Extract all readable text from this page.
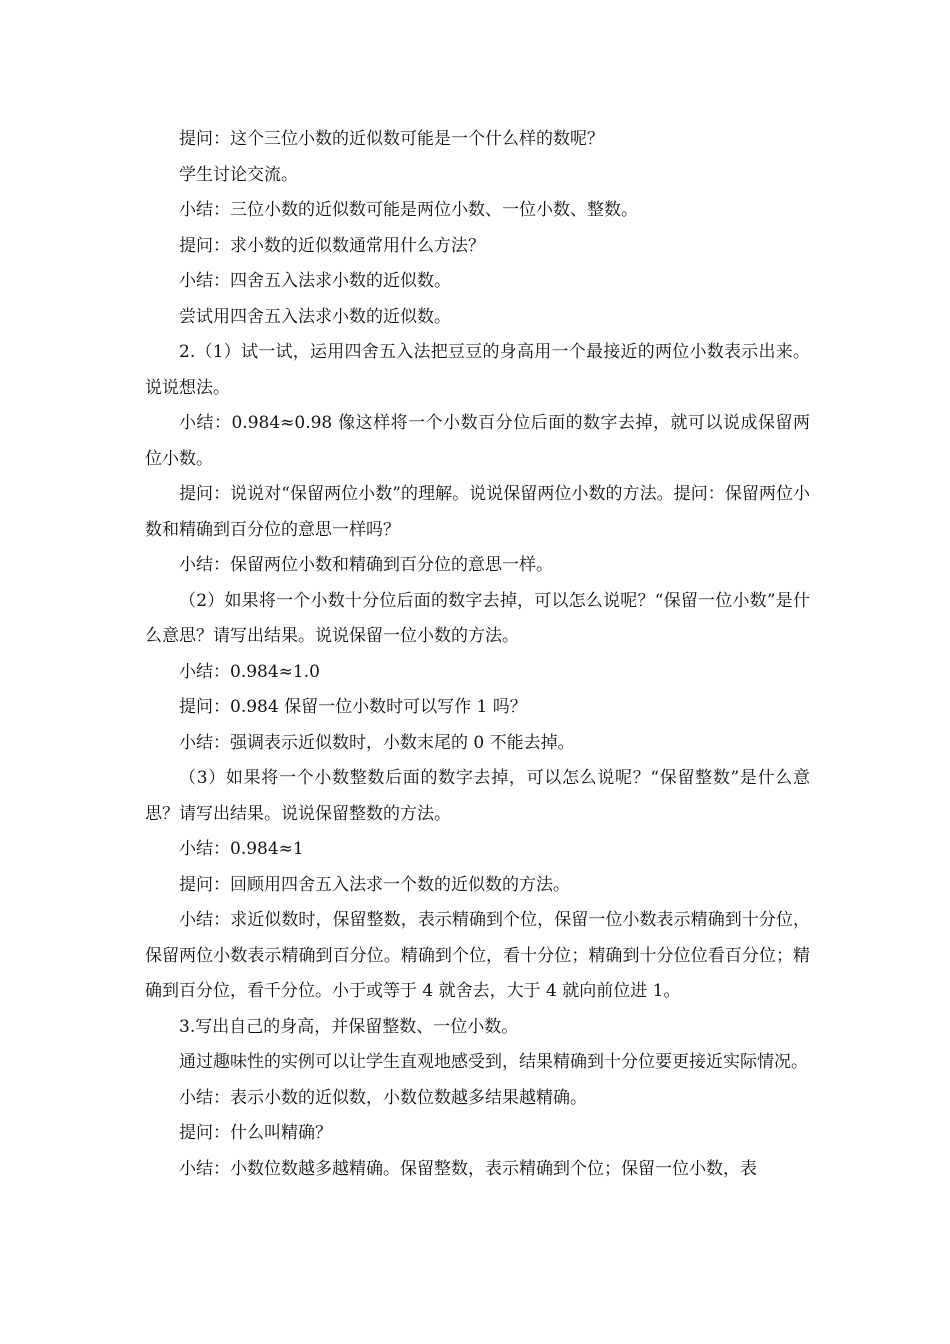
提问：这个三位小数的近似数可能是一个什么样的数呢？

学生讨论交流。

小结：三位小数的近似数可能是两位小数、一位小数、整数。

提问：求小数的近似数通常用什么方法？

小结：四舍五入法求小数的近似数。

尝试用四舍五入法求小数的近似数。

2.（1）试一试，运用四舍五入法把豆豆的身高用一个最接近的两位小数表示出来。说说想法。

小结：0.984≈0.98 像这样将一个小数百分位后面的数字去掉，就可以说成保留两位小数。

提问：说说对“保留两位小数”的理解。说说保留两位小数的方法。提问：保留两位小数和精确到百分位的意思一样吗？

小结：保留两位小数和精确到百分位的意思一样。

（2）如果将一个小数十分位后面的数字去掉，可以怎么说呢？“保留一位小数”是什么意思？请写出结果。说说保留一位小数的方法。

小结：0.984≈1.0

提问：0.984 保留一位小数时可以写作 1 吗？

小结：强调表示近似数时，小数末尾的 0 不能去掉。

（3）如果将一个小数整数后面的数字去掉，可以怎么说呢？“保留整数”是什么意思？请写出结果。说说保留整数的方法。

小结：0.984≈1

提问：回顾用四舍五入法求一个数的近似数的方法。

小结：求近似数时，保留整数，表示精确到个位，保留一位小数表示精确到十分位，保留两位小数表示精确到百分位。精确到个位，看十分位；精确到十分位位看百分位；精确到百分位，看千分位。小于或等于 4 就舍去，大于 4 就向前位进 1。

3.写出自己的身高，并保留整数、一位小数。

通过趣味性的实例可以让学生直观地感受到，结果精确到十分位要更接近实际情况。

小结：表示小数的近似数，小数位数越多结果越精确。

提问：什么叫精确？

小结：小数位数越多越精确。保留整数，表示精确到个位；保留一位小数，表
